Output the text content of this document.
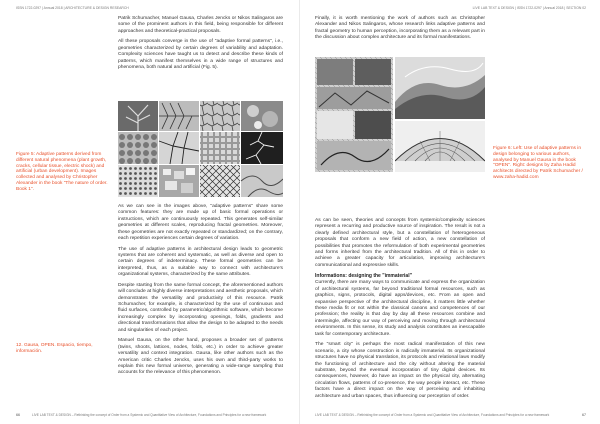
ISSN 1722-0297 | Annual 2018 | ARCHITECTURE & DESIGN RESEARCH

Patrik Schumacher, Manuel Gausa, Charles Jencks or Nikos Salingaros are some of the prominent authors in this field, being responsible for different approaches and theoretical-practical proposals.

All these proposals converge in the use of "adaptive formal patterns", i.e., geometries characterized by certain degrees of variability and adaptation. Complexity sciences have taught us to detect and describe these kinds of patterns, which manifest themselves in a wide range of structures and phenomena, both natural and artificial (Fig. 5).

Figure 5: Adaptive patterns derived from different natural phenomena (plant growth, cracks, cellular tissue, electric shock) and artificial (urban development). Images collected and analysed by Christopher Alexander in the book "The nature of order. Book 1".

As we can see in the images above, "adaptive patterns" share some common features: they are made up of basic formal operations or instructions, which are continuously repeated. This generates self-similar geometries at different scales, reproducing fractal geometries. Moreover, these geometries are not exactly repeated or standardized; on the contrary, each repetition experiences certain degrees of variation.

The use of adaptive patterns in architectural design leads to geometric systems that are coherent and systematic, as well as diverse and open to certain degrees of indeterminacy. These formal geometries can be interpreted, thus, as a suitable way to connect with architecture's organizational systems, characterized by the same attributes.

Despite starting from the same formal concept, the aforementioned authors will conclude at highly diverse interpretations and aesthetic proposals, which demonstrates the versatility and productivity of this resource. Patrik Schumacher, for example, is characterized by the use of continuous and fluid surfaces, controlled by parametric/algorithmic software, which become increasingly complex by incorporating openings, folds, gradients and directional transformations that allow the design to be adapted to the needs and singularities of each project.

Manuel Gausa, on the other hand, proposes a broader set of patterns (twins, shoots, lattices, nodes, folds, etc.) in order to achieve greater versatility and context integration. Gausa, like other authors such as the American critic Charles Jencks, uses his own and third-party works to explain this new formal universe, generating a wide-range sampling that accounts for the relevance of this phenomenon.

12. Gausa, OPEN. Espacio, tiempo, información.
66	LIVE LAB TEXT & DESIGN – Rethinking the concept of Order from a Systemic and Quantitative View of Architecture, Foundations and Principles for a new framework
LIVE LAB TEXT & DESIGN | ISSN 1722-0297 | Annual 2018 | SECTION 02

Finally, it is worth mentioning the work of authors such as Christopher Alexander and Nikos Salingaros, whose research links adaptive patterns and fractal geometry to human perception, incorporating them as a relevant part in the discussion about complex architecture and its formal manifestations.

Figure 6: Left: Use of adaptive patterns in design belonging to various authors, analysed by Manuel Gausa in the book "OPEN". Right: designs by Zaha Hadid architects directed by Patrik Schumacher / www.zaha-hadid.com

As can be seen, theories and concepts from systemic/complexity sciences represent a recurring and productive source of inspiration. The result is not a clearly defined architectural style, but a constellation of heterogeneous proposals that conform a new field of action, a new constellation of possibilities that promotes the reformulation of both experimental geometries and forms inherited from the architectural tradition. All of this in order to achieve a greater capacity for articulation, improving architecture's communicational and expressive skills.

Informations: designing the "immaterial"

Currently, there are many ways to communicate and express the organization of architectural systems, far beyond traditional formal resources, such as graphics, signs, protocols, digital apps/devices, etc. From an open and expansive perspective of the architectural discipline, it matters little whether these media fit or not within the classical canons and competences of our profession; the reality is that day by day all these resources combine and intermingle, affecting our way of perceiving and moving through architectural environments. In this sense, its study and analysis constitutes an inescapable task for contemporary architecture.

The "smart city" is perhaps the most radical manifestation of this new scenario, a city whose construction is radically immaterial. Its organizational structures have no physical translation, its protocols and relational laws modify the functioning of architecture and the city without altering the material substrate, beyond the eventual incorporation of tiny digital devices. Its consequences, however, do have an impact on the physical city, alternating circulation flows, patterns of co-presence, the way people interact, etc. These factors have a direct impact on the way of perceiving and inhabiting architecture and urban spaces, thus influencing our perception of order.

LIVE LAB TEXT & DESIGN – Rethinking the concept of Order from a Systemic and Quantitative View of Architecture, Foundations and Principles for a new framework	67
